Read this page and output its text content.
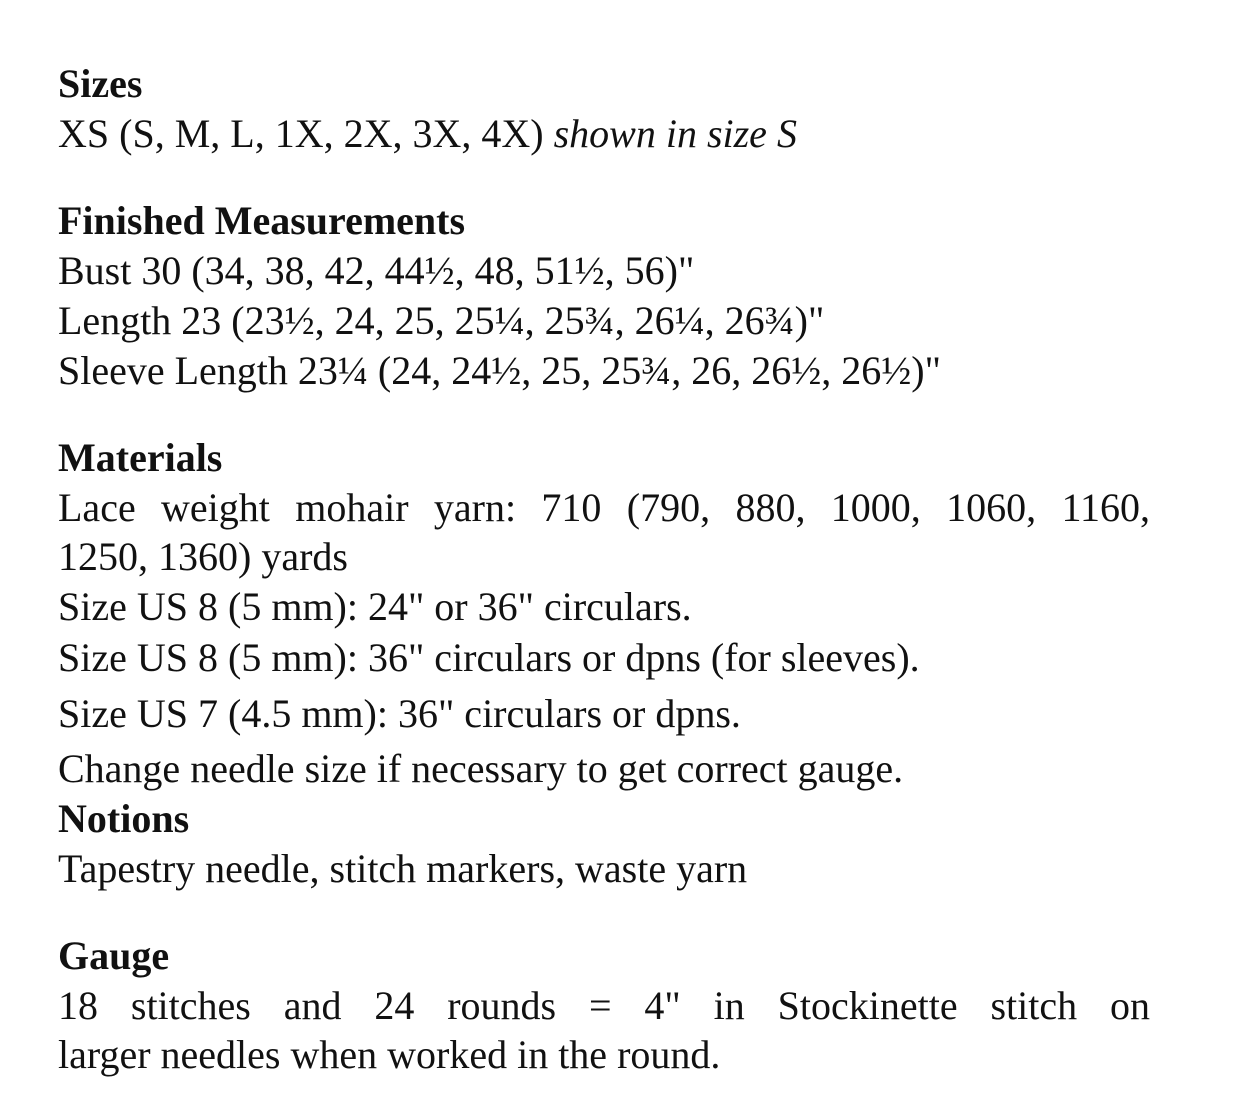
Sizes
XS (S, M, L, 1X, 2X, 3X, 4X) shown in size S
Finished Measurements
Bust 30 (34, 38, 42, 44½, 48, 51½, 56)"
Length 23 (23½, 24, 25, 25¼, 25¾, 26¼, 26¾)"
Sleeve Length 23¼ (24, 24½, 25, 25¾, 26, 26½, 26½)"
Materials
Lace weight mohair yarn: 710 (790, 880, 1000, 1060, 1160,
1250, 1360) yards
Size US 8 (5 mm): 24" or 36" circulars.
Size US 8 (5 mm): 36" circulars or dpns (for sleeves).
Size US 7 (4.5 mm): 36" circulars or dpns.
Change needle size if necessary to get correct gauge.
Notions
Tapestry needle, stitch markers, waste yarn
Gauge
18 stitches and 24 rounds = 4" in Stockinette stitch on
larger needles when worked in the round.
